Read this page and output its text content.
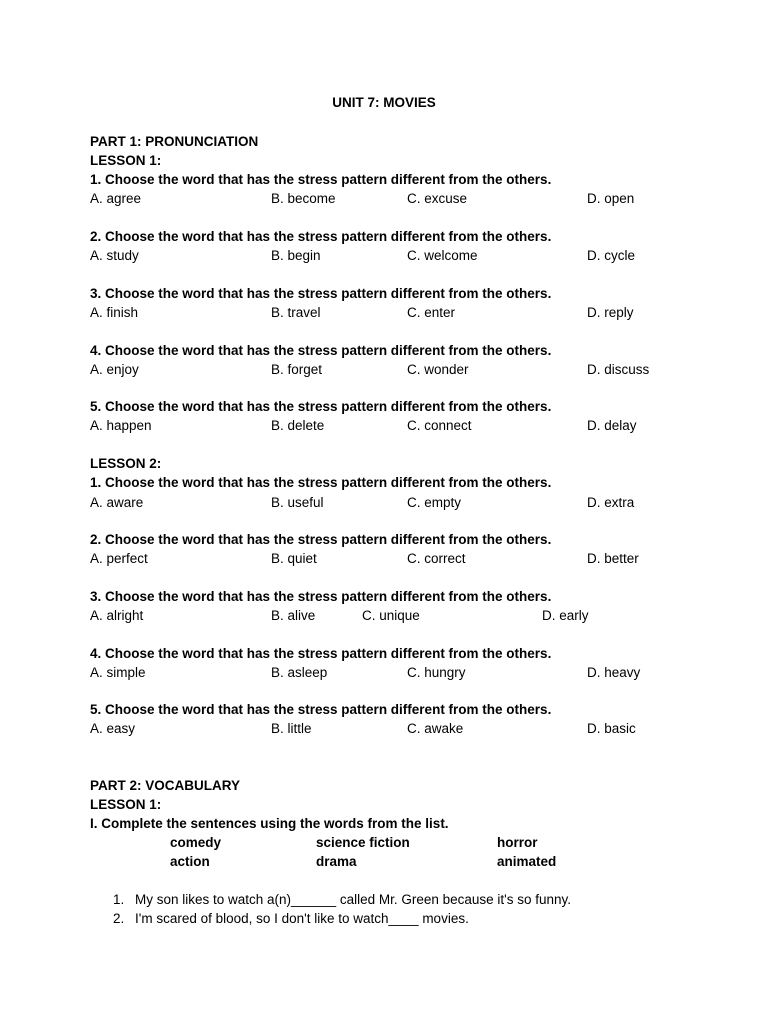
UNIT 7: MOVIES
PART 1: PRONUNCIATION
LESSON 1:
1. Choose the word that has the stress pattern different from the others.
A. agree	B. become	C. excuse	D. open
2. Choose the word that has the stress pattern different from the others.
A. study	B. begin	C. welcome	D. cycle
3. Choose the word that has the stress pattern different from the others.
A. finish	B. travel	C. enter	D. reply
4. Choose the word that has the stress pattern different from the others.
A. enjoy	B. forget	C. wonder	D. discuss
5. Choose the word that has the stress pattern different from the others.
A. happen	B. delete	C. connect	D. delay
LESSON 2:
1. Choose the word that has the stress pattern different from the others.
A. aware	B. useful	C. empty	D. extra
2. Choose the word that has the stress pattern different from the others.
A. perfect	B. quiet	C. correct	D. better
3. Choose the word that has the stress pattern different from the others.
A. alright	B. alive	C. unique	D. early
4. Choose the word that has the stress pattern different from the others.
A. simple	B. asleep	C. hungry	D. heavy
5. Choose the word that has the stress pattern different from the others.
A. easy	B. little	C. awake	D. basic
PART 2: VOCABULARY
LESSON 1:
I. Complete the sentences using the words from the list.
comedy	science fiction	horror
action	drama	animated
1. My son likes to watch a(n)______ called Mr. Green because it's so funny.
2. I'm scared of blood, so I don't like to watch____ movies.
